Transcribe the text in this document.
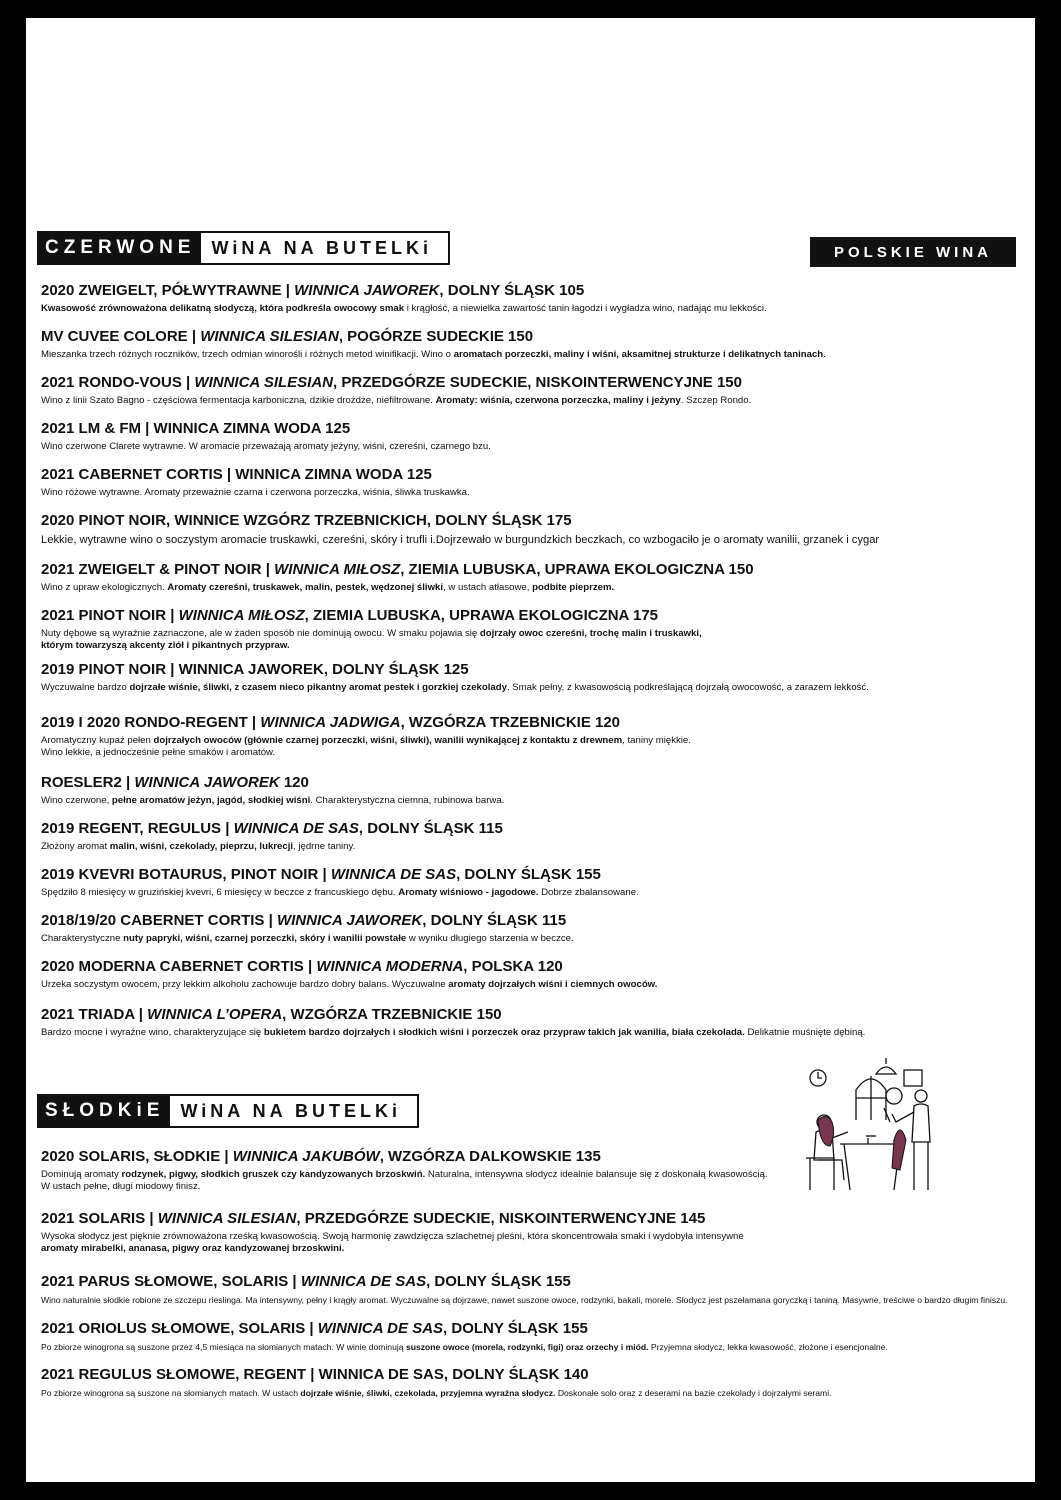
CZERWONE WiNA NA BUTELKi	POLSKIE WINA
2020 ZWEIGELT, PÓŁWYTRAWNE | WINNICA JAWOREK, DOLNY ŚLĄSK 105
Kwasowość zrównoważona delikatną słodyczą, która podkreśla owocowy smak i krągłość, a niewielka zawartość tanin łagodzi i wygładza wino, nadając mu lekkości.
MV CUVEE COLORE | WINNICA SILESIAN, POGÓRZE SUDECKIE 150
Mieszanka trzech różnych roczników, trzech odmian winorośli i różnych metod winifikacji. Wino o aromatach porzeczki, maliny i wiśni, aksamitnej strukturze i delikatnych taninach.
2021 RONDO-VOUS | WINNICA SILESIAN, PRZEDGÓRZE SUDECKIE, NISKOINTERWENCYJNE 150
Wino z linii Szato Bagno - częściowa fermentacja karboniczna, dzikie drożdże, niefiltrowane. Aromaty: wiśnia, czerwona porzeczka, maliny i jeżyny. Szczep Rondo.
2021 LM & FM | WINNICA ZIMNA WODA 125
Wino czerwone Clarete wytrawne. W aromacie przeważają aromaty jeżyny, wiśni, czereśni, czarnego bzu.
2021 CABERNET CORTIS | WINNICA ZIMNA WODA 125
Wino różowe wytrawne. Aromaty przeważnie czarna i czerwona porzeczka, wiśnia, śliwka truskawka.
2020 PINOT NOIR, WINNICE WZGÓRZ TRZEBNICKICH, DOLNY ŚLĄSK 175
Lekkie, wytrawne wino o soczystym aromacie truskawki, czereśni, skóry i trufli i.Dojrzewało w burgundzkich beczkach, co wzbogaciło je o aromaty wanilii, grzanek i cygar
2021 ZWEIGELT & PINOT NOIR | WINNICA MIŁOSZ, ZIEMIA LUBUSKA, UPRAWA EKOLOGICZNA 150
Wino z upraw ekologicznych. Aromaty czereśni, truskawek, malin, pestek, wędzonej śliwki, w ustach atłasowe, podbite pieprzem.
2021 PINOT NOIR | WINNICA MIŁOSZ, ZIEMIA LUBUSKA, UPRAWA EKOLOGICZNA 175
Nuty dębowe są wyraźnie zaznaczone, ale w żaden sposób nie dominują owocu. W smaku pojawia się dojrzały owoc czereśni, trochę malin i truskawki,
którym towarzyszą akcenty ziół i pikantnych przypraw.
2019 PINOT NOIR | WINNICA JAWOREK, DOLNY ŚLĄSK 125
Wyczuwalne bardzo dojrzałe wiśnie, śliwki, z czasem nieco pikantny aromat pestek i gorzkiej czekolady. Smak pełny, z kwasowością podkreślającą dojrzałą owocowość, a zarazem lekkość.
2019 I 2020 RONDO-REGENT | WINNICA JADWIGA, WZGÓRZA TRZEBNICKIE 120
Aromatyczny kupaż pełen dojrzałych owoców (głównie czarnej porzeczki, wiśni, śliwki), wanilii wynikającej z kontaktu z drewnem, taniny miękkie.
Wino lekkie, a jednocześnie pełne smaków i aromatów.
ROESLER2 | WINNICA JAWOREK 120
Wino czerwone, pełne aromatów jeżyn, jagód, słodkiej wiśni. Charakterystyczna ciemna, rubinowa barwa.
2019 REGENT, REGULUS | WINNICA DE SAS, DOLNY ŚLĄSK 115
Złożony aromat malin, wiśni, czekolady, pieprzu, lukrecji, jędrne taniny.
2019 KVEVRI BOTAURUS, PINOT NOIR | WINNICA DE SAS, DOLNY ŚLĄSK 155
Spędziło 8 miesięcy w gruzińskiej kvevri, 6 miesięcy w beczce z francuskiego dębu. Aromaty wiśniowo - jagodowe. Dobrze zbalansowane.
2018/19/20 CABERNET CORTIS | WINNICA JAWOREK, DOLNY ŚLĄSK 115
Charakterystyczne nuty papryki, wiśni, czarnej porzeczki, skóry i wanilii powstałe w wyniku długiego starzenia w beczce.
2020 MODERNA CABERNET CORTIS | WINNICA MODERNA, POLSKA 120
Urzeka soczystym owocem, przy lekkim alkoholu zachowuje bardzo dobry balans. Wyczuwalne aromaty dojrzałych wiśni i ciemnych owoców.
2021 TRIADA | WINNICA L’OPERA, WZGÓRZA TRZEBNICKIE 150
Bardzo mocne i wyraźne wino, charakteryzujące się bukietem bardzo dojrzałych i słodkich wiśni i porzeczek oraz przypraw takich jak wanilia, biała czekolada. Delikatnie muśnięte dębiną.
SŁODKiE WiNA NA BUTELKi
2020 SOLARIS, SŁODKIE | WINNICA JAKUBÓW, WZGÓRZA DALKOWSKIE 135
Dominują aromaty rodzynek, pigwy, słodkich gruszek czy kandyzowanych brzoskwiń. Naturalna, intensywna słodycz idealnie balansuje się z doskonałą kwasowością.
W ustach pełne, długi miodowy finisz.
2021 SOLARIS | WINNICA SILESIAN, PRZEDGÓRZE SUDECKIE, NISKOINTERWENCYJNE 145
Wysoka słodycz jest pięknie zrównoważona rześką kwasowością. Swoją harmonię zawdzięcza szlachetnej pleśni, która skoncentrowała smaki i wydobyła intensywne
aromaty mirabelki, ananasa, pigwy oraz kandyzowanej brzoskwini.
2021 PARUS SŁOMOWE, SOLARIS | WINNICA DE SAS, DOLNY ŚLĄSK 155
Wino naturalnie słodkie robione ze szczepu rieslinga. Ma intensywny, pełny i krągły aromat. Wyczuwalne są dojrzawe, nawet suszone owoce, rodzynki, bakali, morele. Słodycz jest pszełamana goryczką i taniną. Masywne, treściwe o bardzo długim finiszu.
2021 ORIOLUS SŁOMOWE, SOLARIS | WINNICA DE SAS, DOLNY ŚLĄSK 155
Po zbiorze winogrona są suszone przez 4,5 miesiąca na słomianych matach. W winie dominują suszone owoce (morela, rodzynki, figi) oraz orzechy i miód. Przyjemna słodycz, lekka kwasowość, złożone i esencjonalne.
2021 REGULUS SŁOMOWE, REGENT | WINNICA DE SAS, DOLNY ŚLĄSK 140
Po zbiorze winogrona są suszone na słomianych matach. W ustach dojrzałe wiśnie, śliwki, czekolada, przyjemna wyraźna słodycz. Doskonałe solo oraz z deserami na bazie czekolady i dojrzałymi serami.
